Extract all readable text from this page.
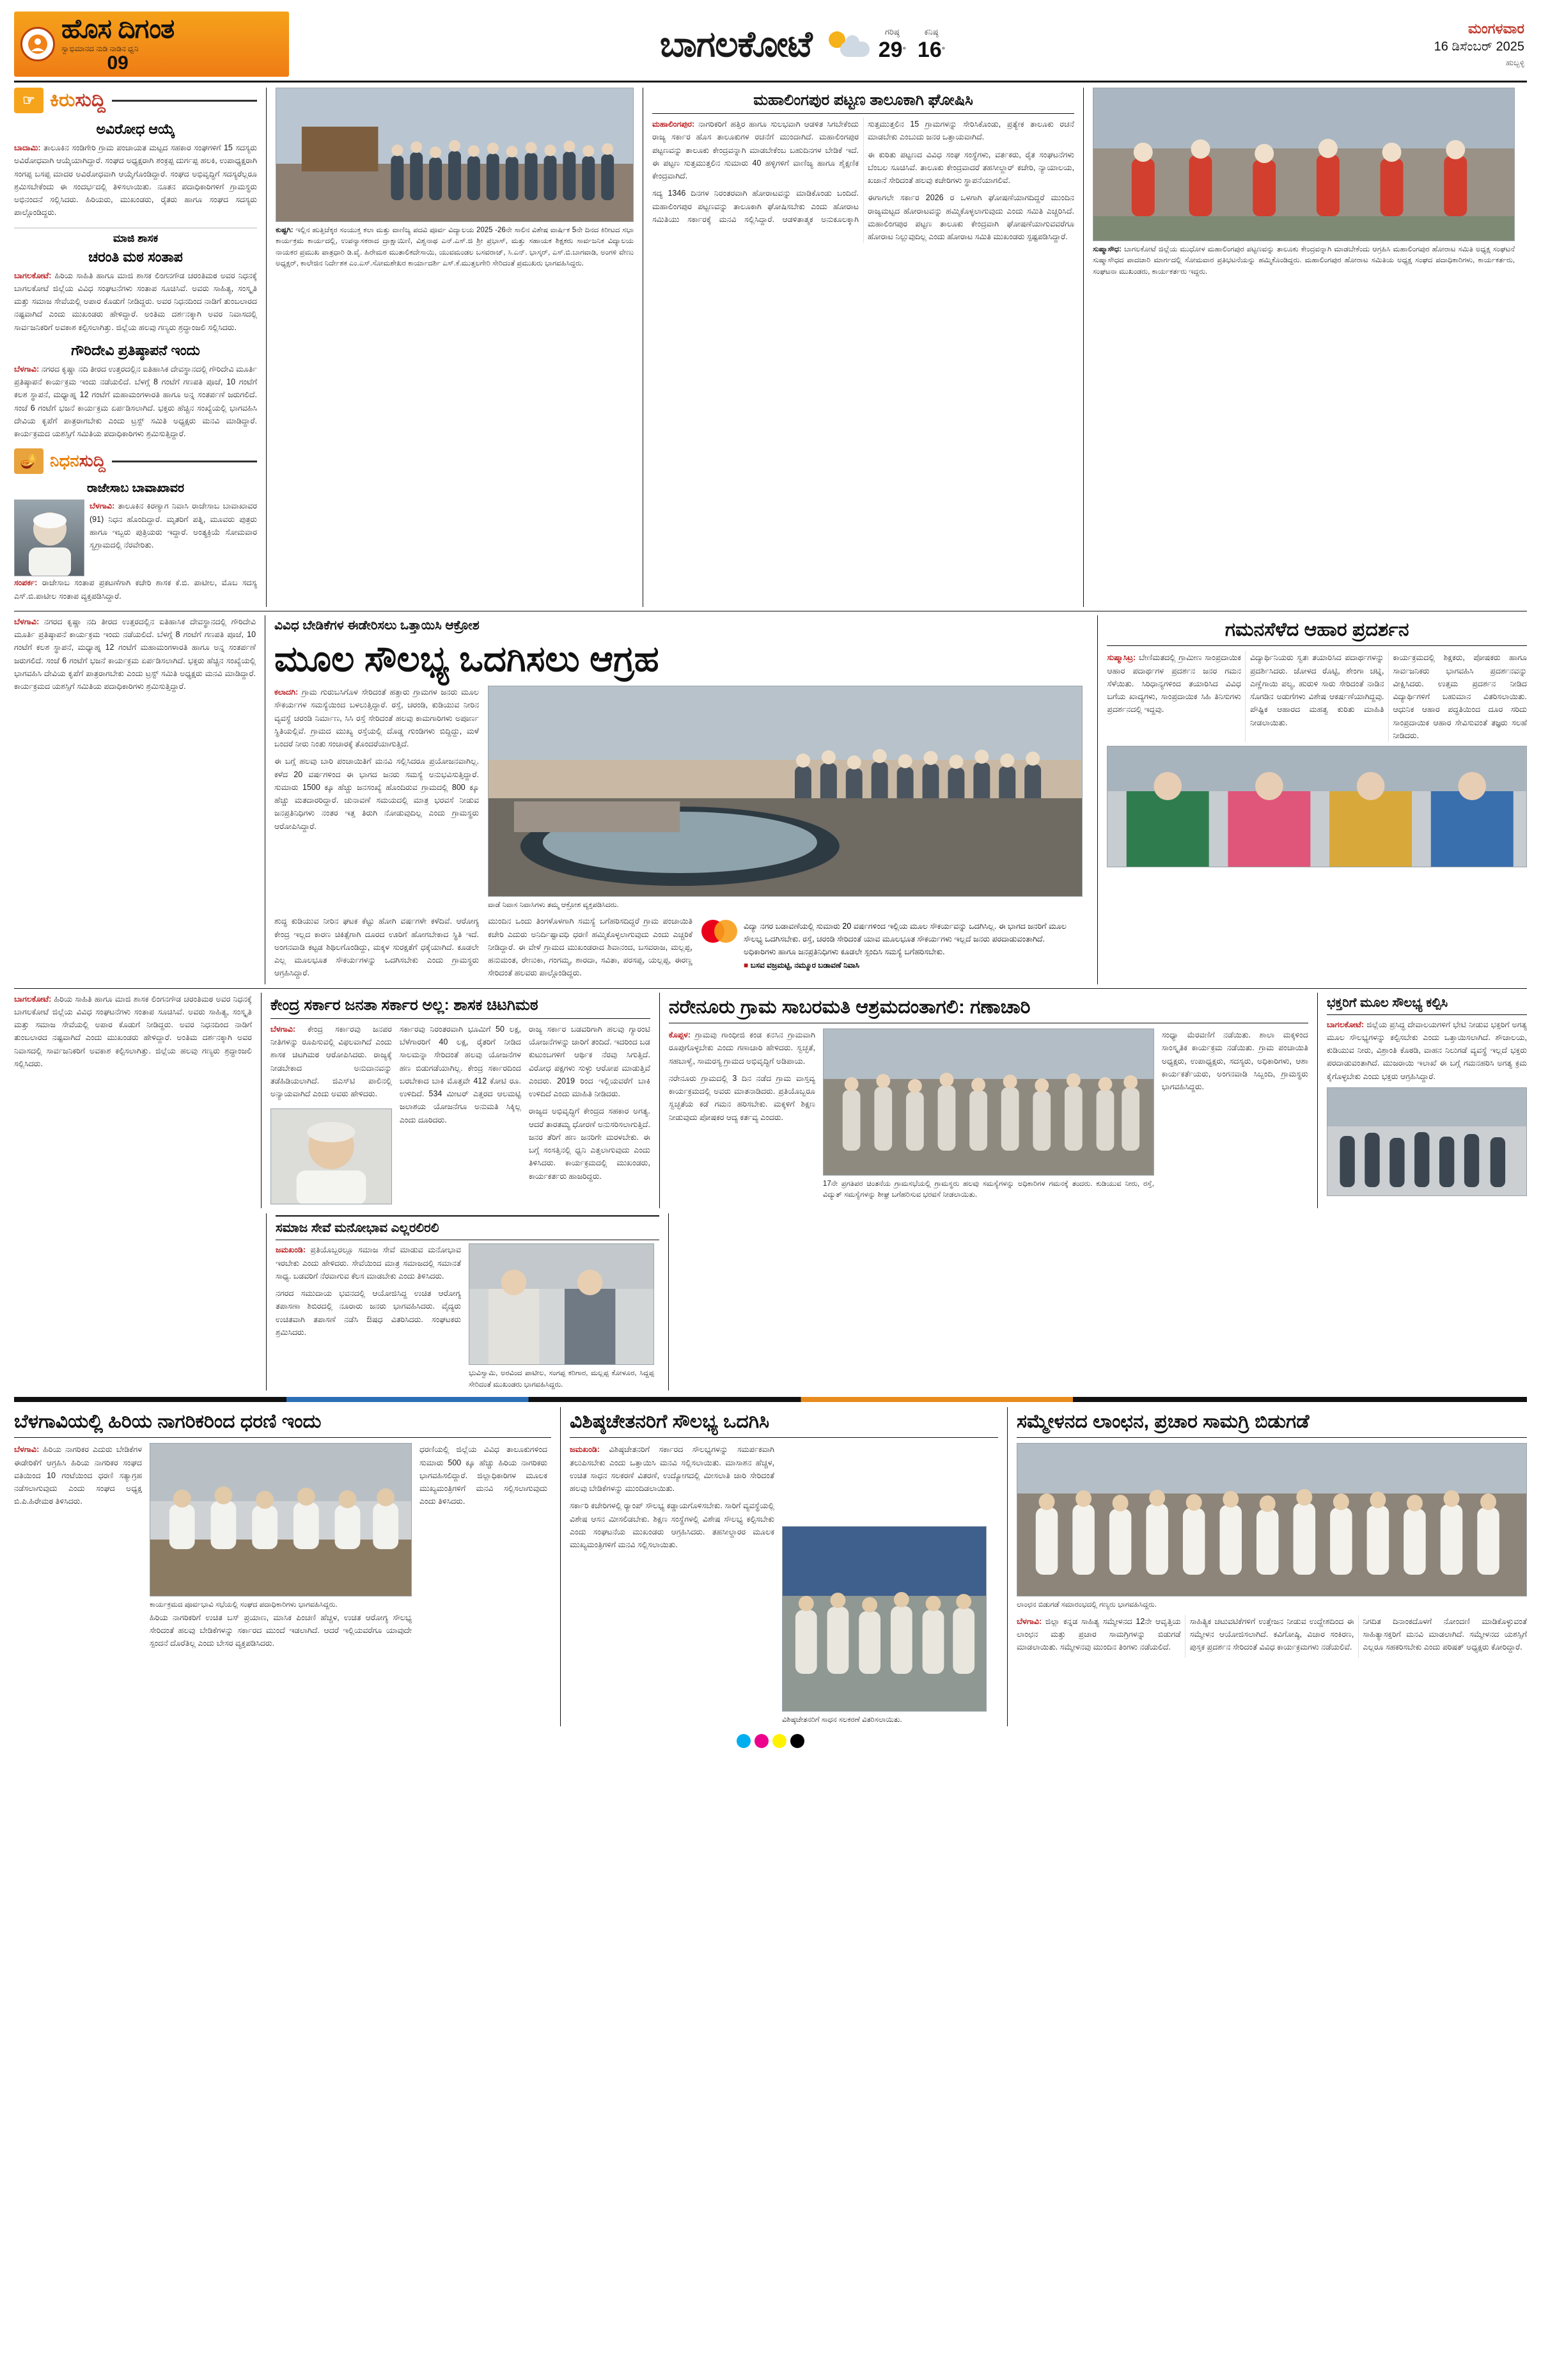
ಹೊಸ ದಿಗಂತ
ಸ್ವಾಭಿಮಾನದ ನುಡಿ ನಾಡಿನ ಧ್ವನಿ
09	ಬಾಗಲಕೋಟೆ	ಗರಿಷ್ಠ
29°
ಕನಿಷ್ಠ
16°
ಮಂಗಳವಾರ
16 ಡಿಸೆಂಬರ್ 2025
ಹುಬ್ಬಳ್ಳಿ
☞ ಕಿರುಸುದ್ದಿ
ಅವಿರೋಧ ಆಯ್ಕೆ

ಬಾದಾಮಿ: ತಾಲೂಕಿನ ಸಂಡಿಗೇರಿ ಗ್ರಾಮ ಪಂಚಾಯತ ಮಟ್ಟದ ಸಹಕಾರ ಸಂಘಗಳಿಗೆ 15 ಸದಸ್ಯರು ಅವಿರೋಧವಾಗಿ ಆಯ್ಕೆಯಾಗಿದ್ದಾರೆ. ಸಂಘದ ಅಧ್ಯಕ್ಷರಾಗಿ ಶಂಕ್ರಪ್ಪ ದುರ್ಗಪ್ಪ ಹಲಕಿ, ಉಪಾಧ್ಯಕ್ಷರಾಗಿ ಸಂಗಪ್ಪ ಬಸಪ್ಪ ಮಾದರ ಅವಿರೋಧವಾಗಿ ಆಯ್ಕೆಗೊಂಡಿದ್ದಾರೆ. ಸಂಘದ ಅಭಿವೃದ್ಧಿಗೆ ಸದಸ್ಯರೆಲ್ಲರೂ ಶ್ರಮಿಸಬೇಕೆಂದು ಈ ಸಂದರ್ಭದಲ್ಲಿ ತಿಳಿಸಲಾಯಿತು. ನೂತನ ಪದಾಧಿಕಾರಿಗಳಿಗೆ ಗ್ರಾಮಸ್ಥರು ಅಭಿನಂದನೆ ಸಲ್ಲಿಸಿದರು. ಹಿರಿಯರು, ಮುಖಂಡರು, ರೈತರು ಹಾಗೂ ಸಂಘದ ಸದಸ್ಯರು ಪಾಲ್ಗೊಂಡಿದ್ದರು.

ಮಾಜಿ ಶಾಸಕ
ಚರಂತಿ ಮಠ ಸಂತಾಪ

ಬಾಗಲಕೋಟೆ: ಹಿರಿಯ ಸಾಹಿತಿ ಹಾಗೂ ಮಾಜಿ ಶಾಸಕ ಲಿಂಗನಗೌಡ ಚರಂತಿಮಠ ಅವರ ನಿಧನಕ್ಕೆ ಬಾಗಲಕೋಟೆ ಜಿಲ್ಲೆಯ ವಿವಿಧ ಸಂಘಟನೆಗಳು ಸಂತಾಪ ಸೂಚಿಸಿವೆ. ಅವರು ಸಾಹಿತ್ಯ, ಸಂಸ್ಕೃತಿ ಮತ್ತು ಸಮಾಜ ಸೇವೆಯಲ್ಲಿ ಅಪಾರ ಕೊಡುಗೆ ನೀಡಿದ್ದರು. ಅವರ ನಿಧನದಿಂದ ನಾಡಿಗೆ ತುಂಬಲಾರದ ನಷ್ಟವಾಗಿದೆ ಎಂದು ಮುಖಂಡರು ಹೇಳಿದ್ದಾರೆ. ಅಂತಿಮ ದರ್ಶನಕ್ಕಾಗಿ ಅವರ ನಿವಾಸದಲ್ಲಿ ಸಾರ್ವಜನಿಕರಿಗೆ ಅವಕಾಶ ಕಲ್ಪಿಸಲಾಗಿತ್ತು. ಜಿಲ್ಲೆಯ ಹಲವು ಗಣ್ಯರು ಶ್ರದ್ಧಾಂಜಲಿ ಸಲ್ಲಿಸಿದರು.

ಗೌರಿದೇವಿ ಪ್ರತಿಷ್ಠಾಪನೆ ಇಂದು

ಬೆಳಗಾವಿ: ನಗರದ ಕೃಷ್ಣಾ ನದಿ ತೀರದ ಉತ್ತರದಲ್ಲಿನ ಐತಿಹಾಸಿಕ ದೇವಸ್ಥಾನದಲ್ಲಿ ಗೌರಿದೇವಿ ಮೂರ್ತಿ ಪ್ರತಿಷ್ಠಾಪನೆ ಕಾರ್ಯಕ್ರಮ ಇಂದು ನಡೆಯಲಿದೆ. ಬೆಳಗ್ಗೆ 8 ಗಂಟೆಗೆ ಗಣಪತಿ ಪೂಜೆ, 10 ಗಂಟೆಗೆ ಕಲಶ ಸ್ಥಾಪನೆ, ಮಧ್ಯಾಹ್ನ 12 ಗಂಟೆಗೆ ಮಹಾಮಂಗಳಾರತಿ ಹಾಗೂ ಅನ್ನ ಸಂತರ್ಪಣೆ ಜರುಗಲಿದೆ. ಸಂಜೆ 6 ಗಂಟೆಗೆ ಭಜನೆ ಕಾರ್ಯಕ್ರಮ ಏರ್ಪಡಿಸಲಾಗಿದೆ. ಭಕ್ತರು ಹೆಚ್ಚಿನ ಸಂಖ್ಯೆಯಲ್ಲಿ ಭಾಗವಹಿಸಿ ದೇವಿಯ ಕೃಪೆಗೆ ಪಾತ್ರರಾಗಬೇಕು ಎಂದು ಟ್ರಸ್ಟ್ ಸಮಿತಿ ಅಧ್ಯಕ್ಷರು ಮನವಿ ಮಾಡಿದ್ದಾರೆ. ಕಾರ್ಯಕ್ರಮದ ಯಶಸ್ಸಿಗೆ ಸಮಿತಿಯ ಪದಾಧಿಕಾರಿಗಳು ಶ್ರಮಿಸುತ್ತಿದ್ದಾರೆ.

🪔 ನಿಧನಸುದ್ದಿ
ರಾಜೇಸಾಬ ಬಾವಾಖಾವರ

ಬೆಳಗಾವಿ: ತಾಲೂಕಿನ ಕಿರಣ್ಯಾಗ ನಿವಾಸಿ ರಾಜೇಸಾಬ ಬಾವಾಖಾವರ (91) ನಿಧನ ಹೊಂದಿದ್ದಾರೆ. ಮೃತರಿಗೆ ಪತ್ನಿ, ಮೂವರು ಪುತ್ರರು ಹಾಗೂ ಇಬ್ಬರು ಪುತ್ರಿಯರು ಇದ್ದಾರೆ. ಅಂತ್ಯಕ್ರಿಯೆ ಸೋಮವಾರ ಸ್ವಗ್ರಾಮದಲ್ಲಿ ನೆರವೇರಿತು.

ಸಂಪರ್ಕ: ರಾಜೇಸಾಬ ಸಂತಾಪ ಪ್ರಕಟಣೆಗಾಗಿ ಕಚೇರಿ ಶಾಸಕ ಕೆ.ಬಿ. ಪಾಟೀಲ, ಮೊಬ ಸದಸ್ಯ ಎಸ್.ಬಿ.ಪಾಟೀಲ ಸಂತಾಪ ವ್ಯಕ್ತಪಡಿಸಿದ್ದಾರೆ.

ಕುಷ್ಟಗಿ: ಇಲ್ಲಿನ ಹುತ್ತಿಚೆಕ್ಕರ ಸಂಯುಕ್ತ ಕಲಾ ಮತ್ತು ವಾಣಿಜ್ಯ ಪದವಿ ಪೂರ್ವ ವಿದ್ಯಾಲಯ 2025 -26ನೇ ಸಾಲಿನ ವಿಶೇಷ ವಾರ್ಷಿಕ 5ನೇ ದಿನದ ಕಿರೀಟದ ಸಭಾ ಕಾರ್ಯಕ್ರಮ ಕಾರ್ಯದಲ್ಲಿ, ಉಪನ್ಯಾಸಕರಾದ ದ್ರಾಕ್ಷಾಯಿಣಿ, ವಿಶ್ವನಾಥ ಎನ್.ಎಸ್.ಜಿ ಶ್ರೀ ಪ್ರಭಾಸ್, ಮತ್ತು ಸಹಾಯಕ ಶಿಕ್ಷಕರು ಸಾರ್ವಜನಿಕ ವಿದ್ಯಾಲಯ ನಾಯಕರ ಪ್ರಮುಖ ಪಾತ್ರಧಾರಿ ಡಿ.ವೈ. ಹಿರೇಮಠ ಮುತಾಲಿಕದೇಸಾಯಿ, ಯುವಮಂಡಲ ಬಸವರಾಜ್, ಸಿ.ಎನ್. ಭಾಸ್ಕರ್, ಎಸ್.ಬಿ.ಬಾಗವಾಡಿ, ಅಂಗಳಿ ವೇಣು ಅಧ್ಯಕ್ಷರ್, ಕಾಲೇಜಿನ ನಿರ್ದೇಶಕ ಎಂ.ಎಸ್.ಸೋಮಶೇಖರ ಕಾರ್ಯಾದರ್ಶಿ ಎಸ್.ಕೆ.ಮುತ್ತಲಗೇರಿ ಸೇರಿದಂತೆ ಪ್ರಮುಖರು ಭಾಗವಹಿಸಿದ್ದರು.
ಮಹಾಲಿಂಗಪುರ ಪಟ್ಟಣ ತಾಲೂಕಾಗಿ ಘೋಷಿಸಿ

ಮಹಾಲಿಂಗಪುರ: ನಾಗರಿಕರಿಗೆ ಹತ್ತಿರ ಹಾಗೂ ಸುಲಭವಾಗಿ ಆಡಳಿತ ಸಿಗಬೇಕೆಂದು ರಾಜ್ಯ ಸರ್ಕಾರ ಹೊಸ ತಾಲೂಕುಗಳ ರಚನೆಗೆ ಮುಂದಾಗಿದೆ. ಮಹಾಲಿಂಗಪುರ ಪಟ್ಟಣವನ್ನು ತಾಲೂಕು ಕೇಂದ್ರವನ್ನಾಗಿ ಮಾಡಬೇಕೆಂಬ ಬಹುದಿನಗಳ ಬೇಡಿಕೆ ಇದೆ. ಈ ಪಟ್ಟಣ ಸುತ್ತಮುತ್ತಲಿನ ಸುಮಾರು 40 ಹಳ್ಳಿಗಳಿಗೆ ವಾಣಿಜ್ಯ ಹಾಗೂ ಶೈಕ್ಷಣಿಕ ಕೇಂದ್ರವಾಗಿದೆ.

ಸದ್ಯ 1346 ದಿನಗಳ ನಿರಂತರವಾಗಿ ಹೋರಾಟವನ್ನು ಮಾಡಿಕೊಂಡು ಬಂದಿದೆ. ಮಹಾಲಿಂಗಪುರ ಪಟ್ಟಣವನ್ನು ತಾಲೂಕಾಗಿ ಘೋಷಿಸಬೇಕು ಎಂದು ಹೋರಾಟ ಸಮಿತಿಯು ಸರ್ಕಾರಕ್ಕೆ ಮನವಿ ಸಲ್ಲಿಸಿದ್ದಾರೆ. ಆಡಳಿತಾತ್ಮಕ ಅನುಕೂಲಕ್ಕಾಗಿ ಸುತ್ತಮುತ್ತಲಿನ 15 ಗ್ರಾಮಗಳನ್ನು ಸೇರಿಸಿಕೊಂಡು, ಪ್ರತ್ಯೇಕ ತಾಲೂಕು ರಚನೆ ಮಾಡಬೇಕು ಎಂಬುದು ಜನರ ಒತ್ತಾಯವಾಗಿದೆ.

ಈ ಕುರಿತು ಪಟ್ಟಣದ ವಿವಿಧ ಸಂಘ ಸಂಸ್ಥೆಗಳು, ವರ್ತಕರು, ರೈತ ಸಂಘಟನೆಗಳು ಬೆಂಬಲ ಸೂಚಿಸಿವೆ. ತಾಲೂಕು ಕೇಂದ್ರವಾದರೆ ತಹಸೀಲ್ದಾರ್ ಕಚೇರಿ, ನ್ಯಾಯಾಲಯ, ಖಜಾನೆ ಸೇರಿದಂತೆ ಹಲವು ಕಚೇರಿಗಳು ಸ್ಥಾಪನೆಯಾಗಲಿವೆ.

ಈಗಾಗಲೇ ಸರ್ಕಾರ 2026 ರ ಒಳಗಾಗಿ ಘೋಷಣೆಯಾಗದಿದ್ದರೆ ಮುಂದಿನ ರಾಜ್ಯಮಟ್ಟದ ಹೋರಾಟವನ್ನು ಹಮ್ಮಿಕೊಳ್ಳಲಾಗುವುದು ಎಂದು ಸಮಿತಿ ಎಚ್ಚರಿಸಿದೆ. ಮಹಾಲಿಂಗಪುರ ಪಟ್ಟಣ ತಾಲೂಕು ಕೇಂದ್ರವಾಗಿ ಘೋಷಣೆಯಾಗುವವರೆಗೂ ಹೋರಾಟ ನಿಲ್ಲುವುದಿಲ್ಲ ಎಂದು ಹೋರಾಟ ಸಮಿತಿ ಮುಖಂಡರು ಸ್ಪಷ್ಟಪಡಿಸಿದ್ದಾರೆ.

ಸುಷ್ಮಾಸೌಧ: ಬಾಗಲಕೋಟೆ ಜಿಲ್ಲೆಯ ಮುಧೋಳ ಮಹಾಲಿಂಗಪುರ ಪಟ್ಟಣವನ್ನು ತಾಲೂಕು ಕೇಂದ್ರವನ್ನಾಗಿ ಮಾಡಬೇಕೆಂದು ಆಗ್ರಹಿಸಿ ಮಹಾಲಿಂಗಪುರ ಹೋರಾಟ ಸಮಿತಿ ಅಧ್ಯಕ್ಷ ಸಂಘಟನೆ ಸುಷ್ಮಾಸೌಧದ ಪಾದಚಾರಿ ಮಾರ್ಗದಲ್ಲಿ ಸೋಮವಾರ ಪ್ರತಿಭಟನೆಯನ್ನು ಹಮ್ಮಿಕೊಂಡಿದ್ದರು. ಮಹಾಲಿಂಗಪುರ ಹೋರಾಟ ಸಮಿತಿಯ ಅಧ್ಯಕ್ಷ ಸಂಘದ ಪದಾಧಿಕಾರಿಗಳು, ಕಾರ್ಯಕರ್ತರು, ಸಂಘಟನಾ ಮುಖಂಡರು, ಕಾರ್ಯಕರ್ತರು ಇದ್ದರು.

ಬೆಳಗಾವಿ: ನಗರದ ಕೃಷ್ಣಾ ನದಿ ತೀರದ ಉತ್ತರದಲ್ಲಿನ ಐತಿಹಾಸಿಕ ದೇವಸ್ಥಾನದಲ್ಲಿ ಗೌರಿದೇವಿ ಮೂರ್ತಿ ಪ್ರತಿಷ್ಠಾಪನೆ ಕಾರ್ಯಕ್ರಮ ಇಂದು ನಡೆಯಲಿದೆ. ಬೆಳಗ್ಗೆ 8 ಗಂಟೆಗೆ ಗಣಪತಿ ಪೂಜೆ, 10 ಗಂಟೆಗೆ ಕಲಶ ಸ್ಥಾಪನೆ, ಮಧ್ಯಾಹ್ನ 12 ಗಂಟೆಗೆ ಮಹಾಮಂಗಳಾರತಿ ಹಾಗೂ ಅನ್ನ ಸಂತರ್ಪಣೆ ಜರುಗಲಿದೆ. ಸಂಜೆ 6 ಗಂಟೆಗೆ ಭಜನೆ ಕಾರ್ಯಕ್ರಮ ಏರ್ಪಡಿಸಲಾಗಿದೆ. ಭಕ್ತರು ಹೆಚ್ಚಿನ ಸಂಖ್ಯೆಯಲ್ಲಿ ಭಾಗವಹಿಸಿ ದೇವಿಯ ಕೃಪೆಗೆ ಪಾತ್ರರಾಗಬೇಕು ಎಂದು ಟ್ರಸ್ಟ್ ಸಮಿತಿ ಅಧ್ಯಕ್ಷರು ಮನವಿ ಮಾಡಿದ್ದಾರೆ. ಕಾರ್ಯಕ್ರಮದ ಯಶಸ್ಸಿಗೆ ಸಮಿತಿಯ ಪದಾಧಿಕಾರಿಗಳು ಶ್ರಮಿಸುತ್ತಿದ್ದಾರೆ.

ವಿವಿಧ ಬೇಡಿಕೆಗಳ ಈಡೇರಿಸಲು ಒತ್ತಾಯಿಸಿ ಆಕ್ರೋಶ
ಮೂಲ ಸೌಲಭ್ಯ ಒದಗಿಸಲು ಆಗ್ರಹ

ಕಲಾದಗಿ: ಗ್ರಾಮ ಗುರುಬಸಿಗೊಳ ಸೇರಿದಂತೆ ಹತ್ತಾರು ಗ್ರಾಮಗಳ ಜನರು ಮೂಲ ಸೌಕರ್ಯಗಳ ಸಮಸ್ಯೆಯಿಂದ ಬಳಲುತ್ತಿದ್ದಾರೆ. ರಸ್ತೆ, ಚರಂಡಿ, ಕುಡಿಯುವ ನೀರಿನ ವ್ಯವಸ್ಥೆ ಚರಂಡಿ ನಿರ್ಮಾಣ, ಸಿಸಿ ರಸ್ತೆ ಸೇರಿದಂತೆ ಹಲವು ಕಾಮಗಾರಿಗಳು ಅಪೂರ್ಣ ಸ್ಥಿತಿಯಲ್ಲಿವೆ. ಗ್ರಾಮದ ಮುಖ್ಯ ರಸ್ತೆಯಲ್ಲಿ ದೊಡ್ಡ ಗುಂಡಿಗಳು ಬಿದ್ದಿದ್ದು, ಮಳೆ ಬಂದರೆ ನೀರು ನಿಂತು ಸಂಚಾರಕ್ಕೆ ತೊಂದರೆಯಾಗುತ್ತಿದೆ.

ಈ ಬಗ್ಗೆ ಹಲವು ಬಾರಿ ಪಂಚಾಯಿತಿಗೆ ಮನವಿ ಸಲ್ಲಿಸಿದರೂ ಪ್ರಯೋಜನವಾಗಿಲ್ಲ. ಕಳೆದ 20 ವರ್ಷಗಳಿಂದ ಈ ಭಾಗದ ಜನರು ಸಮಸ್ಯೆ ಅನುಭವಿಸುತ್ತಿದ್ದಾರೆ. ಸುಮಾರು 1500 ಕ್ಕೂ ಹೆಚ್ಚು ಜನಸಂಖ್ಯೆ ಹೊಂದಿರುವ ಗ್ರಾಮದಲ್ಲಿ 800 ಕ್ಕೂ ಹೆಚ್ಚು ಮತದಾರರಿದ್ದಾರೆ. ಚುನಾವಣೆ ಸಮಯದಲ್ಲಿ ಮಾತ್ರ ಭರವಸೆ ನೀಡುವ ಜನಪ್ರತಿನಿಧಿಗಳು ನಂತರ ಇತ್ತ ತಿರುಗಿ ನೋಡುವುದಿಲ್ಲ ಎಂದು ಗ್ರಾಮಸ್ಥರು ಆರೋಪಿಸಿದ್ದಾರೆ.

ವಾಡೆ ನಿವಾಸ ನಿವಾಸಿಗಳು ತಮ್ಮ ಆಕ್ರೋಶ ವ್ಯಕ್ತಪಡಿಸಿದರು.

ಶುದ್ಧ ಕುಡಿಯುವ ನೀರಿನ ಘಟಕ ಕೆಟ್ಟು ಹೋಗಿ ವರ್ಷಗಳೇ ಕಳೆದಿವೆ. ಆರೋಗ್ಯ ಕೇಂದ್ರ ಇಲ್ಲದ ಕಾರಣ ಚಿಕಿತ್ಸೆಗಾಗಿ ದೂರದ ಊರಿಗೆ ಹೋಗಬೇಕಾದ ಸ್ಥಿತಿ ಇದೆ. ಅಂಗನವಾಡಿ ಕಟ್ಟಡ ಶಿಥಿಲಗೊಂಡಿದ್ದು, ಮಕ್ಕಳ ಸುರಕ್ಷತೆಗೆ ಧಕ್ಕೆಯಾಗಿದೆ. ಕೂಡಲೇ ಎಲ್ಲ ಮೂಲಭೂತ ಸೌಕರ್ಯಗಳನ್ನು ಒದಗಿಸಬೇಕು ಎಂದು ಗ್ರಾಮಸ್ಥರು ಆಗ್ರಹಿಸಿದ್ದಾರೆ.

ಮುಂದಿನ ಒಂದು ತಿಂಗಳೊಳಗಾಗಿ ಸಮಸ್ಯೆ ಬಗೆಹರಿಸದಿದ್ದರೆ ಗ್ರಾಮ ಪಂಚಾಯಿತಿ ಕಚೇರಿ ಎದುರು ಅನಿರ್ದಿಷ್ಟಾವಧಿ ಧರಣಿ ಹಮ್ಮಿಕೊಳ್ಳಲಾಗುವುದು ಎಂದು ಎಚ್ಚರಿಕೆ ನೀಡಿದ್ದಾರೆ. ಈ ವೇಳೆ ಗ್ರಾಮದ ಮುಖಂಡರಾದ ಶಿವಾನಂದ, ಬಸವರಾಜ, ಮಲ್ಲಪ್ಪ, ಹನುಮಂತ, ರೇಣುಕಾ, ಗಂಗಮ್ಮ, ಶಾರದಾ, ಸವಿತಾ, ಪರಸಪ್ಪ, ಯಲ್ಲಪ್ಪ, ಈರಣ್ಣ ಸೇರಿದಂತೆ ಹಲವರು ಪಾಲ್ಗೊಂಡಿದ್ದರು.

ವಿದ್ಯಾ ನಗರ ಬಡಾವಣೆಯಲ್ಲಿ ಸುಮಾರು 20 ವರ್ಷಗಳಿಂದ ಇಲ್ಲಿಯ ಮೂಲ ಸೌಕರ್ಯವನ್ನು ಒದಗಿಸಿಲ್ಲ. ಈ ಭಾಗದ ಜನರಿಗೆ ಮೂಲ ಸೌಲಭ್ಯ ಒದಗಿಸಬೇಕು. ರಸ್ತೆ, ಚರಂಡಿ ಸೇರಿದಂತೆ ಯಾವ ಮೂಲಭೂತ ಸೌಕರ್ಯಗಳು ಇಲ್ಲದೆ ಜನರು ಪರದಾಡುವಂತಾಗಿದೆ. ಅಧಿಕಾರಿಗಳು ಹಾಗೂ ಜನಪ್ರತಿನಿಧಿಗಳು ಕೂಡಲೇ ಸ್ಪಂದಿಸಿ ಸಮಸ್ಯೆ ಬಗೆಹರಿಸಬೇಕು.
■ ಬಸವ ವಜ್ರಮಟ್ಟಿ, ನಮ್ಮೂರ ಬಡಾವಣೆ ನಿವಾಸಿ
ಗಮನಸೆಳೆದ ಆಹಾರ ಪ್ರದರ್ಶನ

ಸುಷ್ಮಾಸಿಟ್ರ: ಬೇಣಿಮತದಲ್ಲಿ ಗ್ರಾಮೀಣ ಸಾಂಪ್ರದಾಯಿಕ ಆಹಾರ ಪದಾರ್ಥಗಳ ಪ್ರದರ್ಶನ ಜನರ ಗಮನ ಸೆಳೆಯಿತು. ಸಿರಿಧಾನ್ಯಗಳಿಂದ ತಯಾರಿಸಿದ ವಿವಿಧ ಬಗೆಯ ಖಾದ್ಯಗಳು, ಸಾಂಪ್ರದಾಯಿಕ ಸಿಹಿ ತಿನಿಸುಗಳು ಪ್ರದರ್ಶನದಲ್ಲಿ ಇದ್ದವು.

ವಿದ್ಯಾರ್ಥಿನಿಯರು ಸ್ವತಃ ತಯಾರಿಸಿದ ಪದಾರ್ಥಗಳನ್ನು ಪ್ರದರ್ಶಿಸಿದರು. ಜೋಳದ ರೊಟ್ಟಿ, ಶೇಂಗಾ ಚಟ್ನಿ, ಎಣ್ಣೆಗಾಯಿ ಪಲ್ಯ, ಹುರುಳಿ ಸಾರು ಸೇರಿದಂತೆ ನಾಡಿನ ಸೊಗಡಿನ ಅಡುಗೆಗಳು ವಿಶೇಷ ಆಕರ್ಷಣೆಯಾಗಿದ್ದವು. ಪೌಷ್ಟಿಕ ಆಹಾರದ ಮಹತ್ವ ಕುರಿತು ಮಾಹಿತಿ ನೀಡಲಾಯಿತು.

ಕಾರ್ಯಕ್ರಮದಲ್ಲಿ ಶಿಕ್ಷಕರು, ಪೋಷಕರು ಹಾಗೂ ಸಾರ್ವಜನಿಕರು ಭಾಗವಹಿಸಿ ಪ್ರದರ್ಶನವನ್ನು ವೀಕ್ಷಿಸಿದರು. ಉತ್ತಮ ಪ್ರದರ್ಶನ ನೀಡಿದ ವಿದ್ಯಾರ್ಥಿಗಳಿಗೆ ಬಹುಮಾನ ವಿತರಿಸಲಾಯಿತು. ಆಧುನಿಕ ಆಹಾರ ಪದ್ಧತಿಯಿಂದ ದೂರ ಸರಿದು ಸಾಂಪ್ರದಾಯಿಕ ಆಹಾರ ಸೇವಿಸುವಂತೆ ತಜ್ಞರು ಸಲಹೆ ನೀಡಿದರು.

ಬಾಗಲಕೋಟೆ: ಹಿರಿಯ ಸಾಹಿತಿ ಹಾಗೂ ಮಾಜಿ ಶಾಸಕ ಲಿಂಗನಗೌಡ ಚರಂತಿಮಠ ಅವರ ನಿಧನಕ್ಕೆ ಬಾಗಲಕೋಟೆ ಜಿಲ್ಲೆಯ ವಿವಿಧ ಸಂಘಟನೆಗಳು ಸಂತಾಪ ಸೂಚಿಸಿವೆ. ಅವರು ಸಾಹಿತ್ಯ, ಸಂಸ್ಕೃತಿ ಮತ್ತು ಸಮಾಜ ಸೇವೆಯಲ್ಲಿ ಅಪಾರ ಕೊಡುಗೆ ನೀಡಿದ್ದರು. ಅವರ ನಿಧನದಿಂದ ನಾಡಿಗೆ ತುಂಬಲಾರದ ನಷ್ಟವಾಗಿದೆ ಎಂದು ಮುಖಂಡರು ಹೇಳಿದ್ದಾರೆ. ಅಂತಿಮ ದರ್ಶನಕ್ಕಾಗಿ ಅವರ ನಿವಾಸದಲ್ಲಿ ಸಾರ್ವಜನಿಕರಿಗೆ ಅವಕಾಶ ಕಲ್ಪಿಸಲಾಗಿತ್ತು. ಜಿಲ್ಲೆಯ ಹಲವು ಗಣ್ಯರು ಶ್ರದ್ಧಾಂಜಲಿ ಸಲ್ಲಿಸಿದರು.

ಕೇಂದ್ರ ಸರ್ಕಾರ ಜನತಾ ಸರ್ಕಾರ ಅಲ್ಲ: ಶಾಸಕ ಚಿಟಗಿಮಠ

ಬೆಳಗಾವಿ: ಕೇಂದ್ರ ಸರ್ಕಾರವು ಜನಪರ ನೀತಿಗಳನ್ನು ರೂಪಿಸುವಲ್ಲಿ ವಿಫಲವಾಗಿದೆ ಎಂದು ಶಾಸಕ ಚಿಟಗಿಮಠ ಆರೋಪಿಸಿದರು. ರಾಜ್ಯಕ್ಕೆ ನೀಡಬೇಕಾದ ಅನುದಾನವನ್ನು ತಡೆಹಿಡಿಯಲಾಗಿದೆ. ಜಿಎಸ್‌ಟಿ ಪಾಲಿನಲ್ಲಿ ಅನ್ಯಾಯವಾಗಿದೆ ಎಂದು ಅವರು ಹೇಳಿದರು.

ಸರ್ಕಾರವು ನಿರಂತರವಾಗಿ ಭೂಮಿಗೆ 50 ಲಕ್ಷ, ಬೆಳೆಗಾರರಿಗೆ 40 ಲಕ್ಷ, ರೈತರಿಗೆ ನೀಡಿದ ಸಾಲಮನ್ನಾ ಸೇರಿದಂತೆ ಹಲವು ಯೋಜನೆಗಳ ಹಣ ಬಿಡುಗಡೆಯಾಗಿಲ್ಲ. ಕೇಂದ್ರ ಸರ್ಕಾರದಿಂದ ಬರಬೇಕಾದ ಬಾಕಿ ಮೊತ್ತವೇ 412 ಕೋಟಿ ರೂ. ಉಳಿದಿದೆ. 534 ಮೀಟರ್ ಎತ್ತರದ ಆಲಮಟ್ಟಿ ಜಲಾಶಯ ಯೋಜನೆಗೂ ಅನುಮತಿ ಸಿಕ್ಕಿಲ್ಲ ಎಂದು ದೂರಿದರು.

ರಾಜ್ಯ ಸರ್ಕಾರ ಬಡವರಿಗಾಗಿ ಹಲವು ಗ್ಯಾರಂಟಿ ಯೋಜನೆಗಳನ್ನು ಜಾರಿಗೆ ತಂದಿದೆ. ಇದರಿಂದ ಬಡ ಕುಟುಂಬಗಳಿಗೆ ಆರ್ಥಿಕ ನೆರವು ಸಿಗುತ್ತಿದೆ. ವಿರೋಧ ಪಕ್ಷಗಳು ಸುಳ್ಳು ಆರೋಪ ಮಾಡುತ್ತಿವೆ ಎಂದರು. 2019 ರಿಂದ ಇಲ್ಲಿಯವರೆಗೆ ಬಾಕಿ ಉಳಿದಿದೆ ಎಂದು ಮಾಹಿತಿ ನೀಡಿದರು.

ರಾಜ್ಯದ ಅಭಿವೃದ್ಧಿಗೆ ಕೇಂದ್ರದ ಸಹಕಾರ ಅಗತ್ಯ. ಆದರೆ ತಾರತಮ್ಯ ಧೋರಣೆ ಅನುಸರಿಸಲಾಗುತ್ತಿದೆ. ಜನರ ತೆರಿಗೆ ಹಣ ಜನರಿಗೇ ಮರಳಬೇಕು. ಈ ಬಗ್ಗೆ ಸಂಸತ್ತಿನಲ್ಲಿ ಧ್ವನಿ ಎತ್ತಲಾಗುವುದು ಎಂದು ತಿಳಿಸಿದರು. ಕಾರ್ಯಕ್ರಮದಲ್ಲಿ ಮುಖಂಡರು, ಕಾರ್ಯಕರ್ತರು ಹಾಜರಿದ್ದರು.

ನರೇನೂರು ಗ್ರಾಮ ಸಾಬರಮತಿ ಆಶ್ರಮದಂತಾಗಲಿ: ಗಣಾಚಾರಿ

ಕೊಪ್ಪಳ: ಗ್ರಾಮವು ಗಾಂಧೀಜಿ ಕಂಡ ಕನಸಿನ ಗ್ರಾಮವಾಗಿ ರೂಪುಗೊಳ್ಳಬೇಕು ಎಂದು ಗಣಾಚಾರಿ ಹೇಳಿದರು. ಸ್ವಚ್ಛತೆ, ಸಹಬಾಳ್ವೆ, ಸಾಮರಸ್ಯ ಗ್ರಾಮದ ಅಭಿವೃದ್ಧಿಗೆ ಅಡಿಪಾಯ.

ನರೇನೂರು ಗ್ರಾಮದಲ್ಲಿ 3 ದಿನ ನಡೆದ ಗ್ರಾಮ ವಾಸ್ತವ್ಯ ಕಾರ್ಯಕ್ರಮದಲ್ಲಿ ಅವರು ಮಾತನಾಡಿದರು. ಪ್ರತಿಯೊಬ್ಬರೂ ಸ್ವಚ್ಛತೆಯ ಕಡೆ ಗಮನ ಹರಿಸಬೇಕು. ಮಕ್ಕಳಿಗೆ ಶಿಕ್ಷಣ ನೀಡುವುದು ಪೋಷಕರ ಆದ್ಯ ಕರ್ತವ್ಯ ಎಂದರು.

17ನೇ ಪ್ರಗತಿಪರ ಚಿಂತನೆಯ ಗ್ರಾಮಸಭೆಯಲ್ಲಿ ಗ್ರಾಮಸ್ಥರು ಹಲವು ಸಮಸ್ಯೆಗಳನ್ನು ಅಧಿಕಾರಿಗಳ ಗಮನಕ್ಕೆ ತಂದರು. ಕುಡಿಯುವ ನೀರು, ರಸ್ತೆ, ವಿದ್ಯುತ್ ಸಮಸ್ಯೆಗಳನ್ನು ಶೀಘ್ರ ಬಗೆಹರಿಸುವ ಭರವಸೆ ನೀಡಲಾಯಿತು.

ಸಂಧ್ಯಾ ಮೆರವಣಿಗೆ ನಡೆಯಿತು. ಶಾಲಾ ಮಕ್ಕಳಿಂದ ಸಾಂಸ್ಕೃತಿಕ ಕಾರ್ಯಕ್ರಮ ನಡೆಯಿತು. ಗ್ರಾಮ ಪಂಚಾಯಿತಿ ಅಧ್ಯಕ್ಷರು, ಉಪಾಧ್ಯಕ್ಷರು, ಸದಸ್ಯರು, ಅಧಿಕಾರಿಗಳು, ಆಶಾ ಕಾರ್ಯಕರ್ತೆಯರು, ಅಂಗನವಾಡಿ ಸಿಬ್ಬಂದಿ, ಗ್ರಾಮಸ್ಥರು ಭಾಗವಹಿಸಿದ್ದರು.

ಭಕ್ತರಿಗೆ ಮೂಲ ಸೌಲಭ್ಯ ಕಲ್ಪಿಸಿ

ಬಾಗಲಕೋಟೆ: ಜಿಲ್ಲೆಯ ಪ್ರಸಿದ್ಧ ದೇವಾಲಯಗಳಿಗೆ ಭೇಟಿ ನೀಡುವ ಭಕ್ತರಿಗೆ ಅಗತ್ಯ ಮೂಲ ಸೌಲಭ್ಯಗಳನ್ನು ಕಲ್ಪಿಸಬೇಕು ಎಂದು ಒತ್ತಾಯಿಸಲಾಗಿದೆ. ಶೌಚಾಲಯ, ಕುಡಿಯುವ ನೀರು, ವಿಶ್ರಾಂತಿ ಕೊಠಡಿ, ವಾಹನ ನಿಲುಗಡೆ ವ್ಯವಸ್ಥೆ ಇಲ್ಲದೆ ಭಕ್ತರು ಪರದಾಡುವಂತಾಗಿದೆ. ಮುಜರಾಯಿ ಇಲಾಖೆ ಈ ಬಗ್ಗೆ ಗಮನಹರಿಸಿ ಅಗತ್ಯ ಕ್ರಮ ಕೈಗೊಳ್ಳಬೇಕು ಎಂದು ಭಕ್ತರು ಆಗ್ರಹಿಸಿದ್ದಾರೆ.

ಸಮಾಜ ಸೇವೆ ಮನೋಭಾವ ಎಲ್ಲರಲಿರಲಿ

ಜಮಖಂಡಿ: ಪ್ರತಿಯೊಬ್ಬರಲ್ಲೂ ಸಮಾಜ ಸೇವೆ ಮಾಡುವ ಮನೋಭಾವ ಇರಬೇಕು ಎಂದು ಹೇಳಿದರು. ಸೇವೆಯಿಂದ ಮಾತ್ರ ಸಮಾಜದಲ್ಲಿ ಸಮಾನತೆ ಸಾಧ್ಯ. ಬಡವರಿಗೆ ನೆರವಾಗುವ ಕೆಲಸ ಮಾಡಬೇಕು ಎಂದು ತಿಳಿಸಿದರು.

ನಗರದ ಸಮುದಾಯ ಭವನದಲ್ಲಿ ಆಯೋಜಿಸಿದ್ದ ಉಚಿತ ಆರೋಗ್ಯ ತಪಾಸಣಾ ಶಿಬಿರದಲ್ಲಿ ನೂರಾರು ಜನರು ಭಾಗವಹಿಸಿದರು. ವೈದ್ಯರು ಉಚಿತವಾಗಿ ತಪಾಸಣೆ ನಡೆಸಿ ಔಷಧ ವಿತರಿಸಿದರು. ಸಂಘಟಕರು ಶ್ರಮಿಸಿದರು.

ಭುವಿಸ್ವಾಮಿ, ಅರವಿಂದ ಪಾಟೀಲ, ಸಂಗಪ್ಪ ಕರಿಗಾರ, ಮಲ್ಲಪ್ಪ ಕೋಳೂರ, ಸಿದ್ದಪ್ಪ ಸೇರಿದಂತೆ ಮುಖಂಡರು ಭಾಗವಹಿಸಿದ್ದರು.
ಬೆಳಗಾವಿಯಲ್ಲಿ ಹಿರಿಯ ನಾಗರಿಕರಿಂದ ಧರಣಿ ಇಂದು

ಬೆಳಗಾವಿ: ಹಿರಿಯ ನಾಗರಿಕರ ಎದುರು ಬೇಡಿಕೆಗಳ ಈಡೇರಿಕೆಗೆ ಆಗ್ರಹಿಸಿ ಹಿರಿಯ ನಾಗರಿಕರ ಸಂಘದ ವತಿಯಿಂದ 10 ಗಂಟೆಯಿಂದ ಧರಣಿ ಸತ್ಯಾಗ್ರಹ ನಡೆಸಲಾಗುವುದು ಎಂದು ಸಂಘದ ಅಧ್ಯಕ್ಷ ಬಿ.ಪಿ.ಹಿರೇಮಠ ತಿಳಿಸಿದರು.

ಕಾರ್ಯಕ್ರಮದ ಪೂರ್ವಭಾವಿ ಸಭೆಯಲ್ಲಿ ಸಂಘದ ಪದಾಧಿಕಾರಿಗಳು ಭಾಗವಹಿಸಿದ್ದರು.

ಹಿರಿಯ ನಾಗರಿಕರಿಗೆ ಉಚಿತ ಬಸ್ ಪ್ರಯಾಣ, ಮಾಸಿಕ ಪಿಂಚಣಿ ಹೆಚ್ಚಳ, ಉಚಿತ ಆರೋಗ್ಯ ಸೌಲಭ್ಯ ಸೇರಿದಂತೆ ಹಲವು ಬೇಡಿಕೆಗಳನ್ನು ಸರ್ಕಾರದ ಮುಂದೆ ಇಡಲಾಗಿದೆ. ಆದರೆ ಇಲ್ಲಿಯವರೆಗೂ ಯಾವುದೇ ಸ್ಪಂದನೆ ದೊರೆತಿಲ್ಲ ಎಂದು ಬೇಸರ ವ್ಯಕ್ತಪಡಿಸಿದರು.

ಧರಣಿಯಲ್ಲಿ ಜಿಲ್ಲೆಯ ವಿವಿಧ ತಾಲೂಕುಗಳಿಂದ ಸುಮಾರು 500 ಕ್ಕೂ ಹೆಚ್ಚು ಹಿರಿಯ ನಾಗರಿಕರು ಭಾಗವಹಿಸಲಿದ್ದಾರೆ. ಜಿಲ್ಲಾಧಿಕಾರಿಗಳ ಮೂಲಕ ಮುಖ್ಯಮಂತ್ರಿಗಳಿಗೆ ಮನವಿ ಸಲ್ಲಿಸಲಾಗುವುದು ಎಂದು ತಿಳಿಸಿದರು.

ವಿಶಿಷ್ಠಚೇತನರಿಗೆ ಸೌಲಭ್ಯ ಒದಗಿಸಿ

ಜಮಖಂಡಿ: ವಿಶಿಷ್ಠಚೇತನರಿಗೆ ಸರ್ಕಾರದ ಸೌಲಭ್ಯಗಳನ್ನು ಸಮರ್ಪಕವಾಗಿ ತಲುಪಿಸಬೇಕು ಎಂದು ಒತ್ತಾಯಿಸಿ ಮನವಿ ಸಲ್ಲಿಸಲಾಯಿತು. ಮಾಸಾಶನ ಹೆಚ್ಚಳ, ಉಚಿತ ಸಾಧನ ಸಲಕರಣೆ ವಿತರಣೆ, ಉದ್ಯೋಗದಲ್ಲಿ ಮೀಸಲಾತಿ ಜಾರಿ ಸೇರಿದಂತೆ ಹಲವು ಬೇಡಿಕೆಗಳನ್ನು ಮುಂದಿಡಲಾಯಿತು.

ಸರ್ಕಾರಿ ಕಚೇರಿಗಳಲ್ಲಿ ರ‍್ಯಾಂಪ್ ಸೌಲಭ್ಯ ಕಡ್ಡಾಯಗೊಳಿಸಬೇಕು. ಸಾರಿಗೆ ವ್ಯವಸ್ಥೆಯಲ್ಲಿ ವಿಶೇಷ ಆಸನ ಮೀಸಲಿಡಬೇಕು. ಶಿಕ್ಷಣ ಸಂಸ್ಥೆಗಳಲ್ಲಿ ವಿಶೇಷ ಸೌಲಭ್ಯ ಕಲ್ಪಿಸಬೇಕು ಎಂದು ಸಂಘಟನೆಯ ಮುಖಂಡರು ಆಗ್ರಹಿಸಿದರು. ತಹಸೀಲ್ದಾರರ ಮೂಲಕ ಮುಖ್ಯಮಂತ್ರಿಗಳಿಗೆ ಮನವಿ ಸಲ್ಲಿಸಲಾಯಿತು.

ವಿಶಿಷ್ಠಚೇತನರಿಗೆ ಸಾಧನ ಸಲಕರಣೆ ವಿತರಿಸಲಾಯಿತು.
ಸಮ್ಮೇಳನದ ಲಾಂಛನ, ಪ್ರಚಾರ ಸಾಮಗ್ರಿ ಬಿಡುಗಡೆ
ಲಾಂಛನ ಬಿಡುಗಡೆ ಸಮಾರಂಭದಲ್ಲಿ ಗಣ್ಯರು ಭಾಗವಹಿಸಿದ್ದರು.

ಬೆಳಗಾವಿ: ಜಿಲ್ಲಾ ಕನ್ನಡ ಸಾಹಿತ್ಯ ಸಮ್ಮೇಳನದ 12ನೇ ಆವೃತ್ತಿಯ ಲಾಂಛನ ಮತ್ತು ಪ್ರಚಾರ ಸಾಮಗ್ರಿಗಳನ್ನು ಬಿಡುಗಡೆ ಮಾಡಲಾಯಿತು. ಸಮ್ಮೇಳನವು ಮುಂದಿನ ತಿಂಗಳು ನಡೆಯಲಿದೆ.

ಸಾಹಿತ್ಯಿಕ ಚಟುವಟಿಕೆಗಳಿಗೆ ಉತ್ತೇಜನ ನೀಡುವ ಉದ್ದೇಶದಿಂದ ಈ ಸಮ್ಮೇಳನ ಆಯೋಜಿಸಲಾಗಿದೆ. ಕವಿಗೋಷ್ಠಿ, ವಿಚಾರ ಸಂಕಿರಣ, ಪುಸ್ತಕ ಪ್ರದರ್ಶನ ಸೇರಿದಂತೆ ವಿವಿಧ ಕಾರ್ಯಕ್ರಮಗಳು ನಡೆಯಲಿವೆ.

ನಿಗದಿತ ದಿನಾಂಕದೊಳಗೆ ನೋಂದಣಿ ಮಾಡಿಕೊಳ್ಳುವಂತೆ ಸಾಹಿತ್ಯಾಸಕ್ತರಿಗೆ ಮನವಿ ಮಾಡಲಾಗಿದೆ. ಸಮ್ಮೇಳನದ ಯಶಸ್ಸಿಗೆ ಎಲ್ಲರೂ ಸಹಕರಿಸಬೇಕು ಎಂದು ಪರಿಷತ್ ಅಧ್ಯಕ್ಷರು ಕೋರಿದ್ದಾರೆ.
